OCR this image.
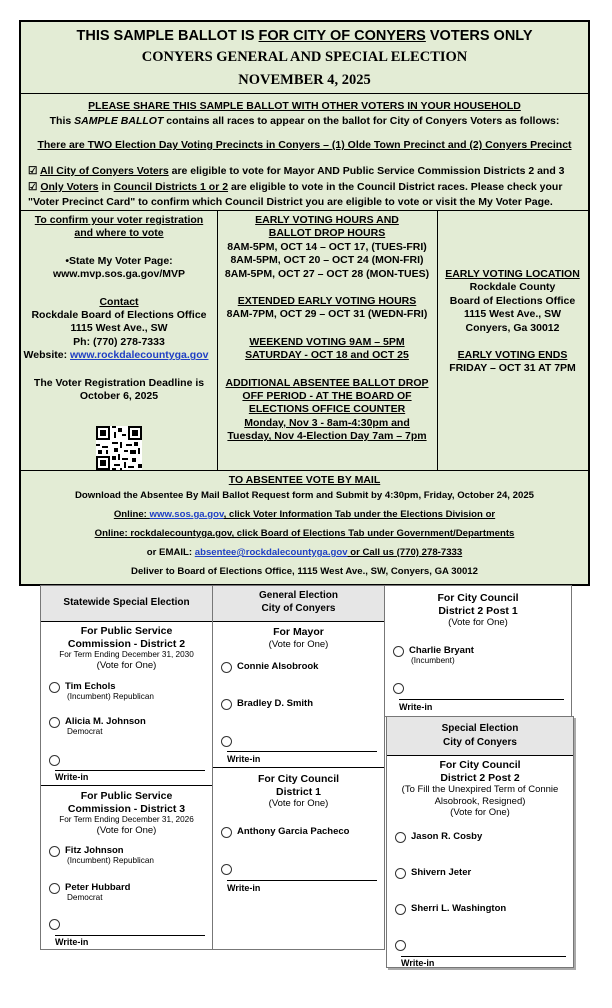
THIS SAMPLE BALLOT IS FOR CITY OF CONYERS VOTERS ONLY
CONYERS GENERAL AND SPECIAL ELECTION
NOVEMBER 4, 2025
PLEASE SHARE THIS SAMPLE BALLOT WITH OTHER VOTERS IN YOUR HOUSEHOLD
This SAMPLE BALLOT contains all races to appear on the ballot for City of Conyers Voters as follows:
There are TWO Election Day Voting Precincts in Conyers – (1) Olde Town Precinct and (2) Conyers Precinct
☑ All City of Conyers Voters are eligible to vote for Mayor AND Public Service Commission Districts 2 and 3
☑ Only Voters in Council Districts 1 or 2 are eligible to vote in the Council District races. Please check your
"Voter Precinct Card" to confirm which Council District you are eligible to vote or visit the My Voter Page.
To confirm your voter registration
and where to vote
•State My Voter Page:
www.mvp.sos.ga.gov/MVP
Contact
Rockdale Board of Elections Office
1115 West Ave., SW
Ph: (770) 278-7333
Website: www.rockdalecountyga.gov
The Voter Registration Deadline is
October 6, 2025
EARLY VOTING HOURS AND
BALLOT DROP HOURS
8AM-5PM, OCT 14 – OCT 17, (TUES-FRI)
8AM-5PM, OCT 20 – OCT 24 (MON-FRI)
8AM-5PM, OCT 27 – OCT 28 (MON-TUES)
EXTENDED EARLY VOTING HOURS
8AM-7PM, OCT 29 – OCT 31 (WEDN-FRI)
WEEKEND VOTING 9AM – 5PM
SATURDAY - OCT 18 and OCT 25
ADDITIONAL ABSENTEE BALLOT DROP
OFF PERIOD - AT THE BOARD OF
ELECTIONS OFFICE COUNTER
Monday, Nov 3 - 8am-4:30pm and
Tuesday, Nov 4-Election Day 7am – 7pm
EARLY VOTING LOCATION
Rockdale County
Board of Elections Office
1115 West Ave., SW
Conyers, Ga 30012
EARLY VOTING ENDS
FRIDAY – OCT 31 AT 7PM
TO ABSENTEE VOTE BY MAIL
Download the Absentee By Mail Ballot Request form and Submit by 4:30pm, Friday, October 24, 2025
Online: www.sos.ga.gov, click Voter Information Tab under the Elections Division or
Online: rockdalecountyga.gov, click Board of Elections Tab under Government/Departments
or EMAIL: absentee@rockdalecountyga.gov or Call us (770) 278-7333
Deliver to Board of Elections Office, 1115 West Ave., SW, Conyers, GA 30012
Statewide Special Election
For Public Service
Commission - District 2
For Term Ending December 31, 2030
(Vote for One)
Tim Echols
(Incumbent) Republican
Alicia M. Johnson
Democrat
Write-in
For Public Service
Commission - District 3
For Term Ending December 31, 2026
(Vote for One)
Fitz Johnson
(Incumbent) Republican
Peter Hubbard
Democrat
Write-in
General Election
City of Conyers
For Mayor
(Vote for One)
Connie Alsobrook
Bradley D. Smith
Write-in
For City Council
District 1
(Vote for One)
Anthony Garcia Pacheco
Write-in
For City Council
District 2 Post 1
(Vote for One)
Charlie Bryant
(Incumbent)
Write-in
Special Election
City of Conyers
For City Council
District 2 Post 2
(To Fill the Unexpired Term of Connie
Alsobrook, Resigned)
(Vote for One)
Jason R. Cosby
Shivern Jeter
Sherri L. Washington
Write-in
